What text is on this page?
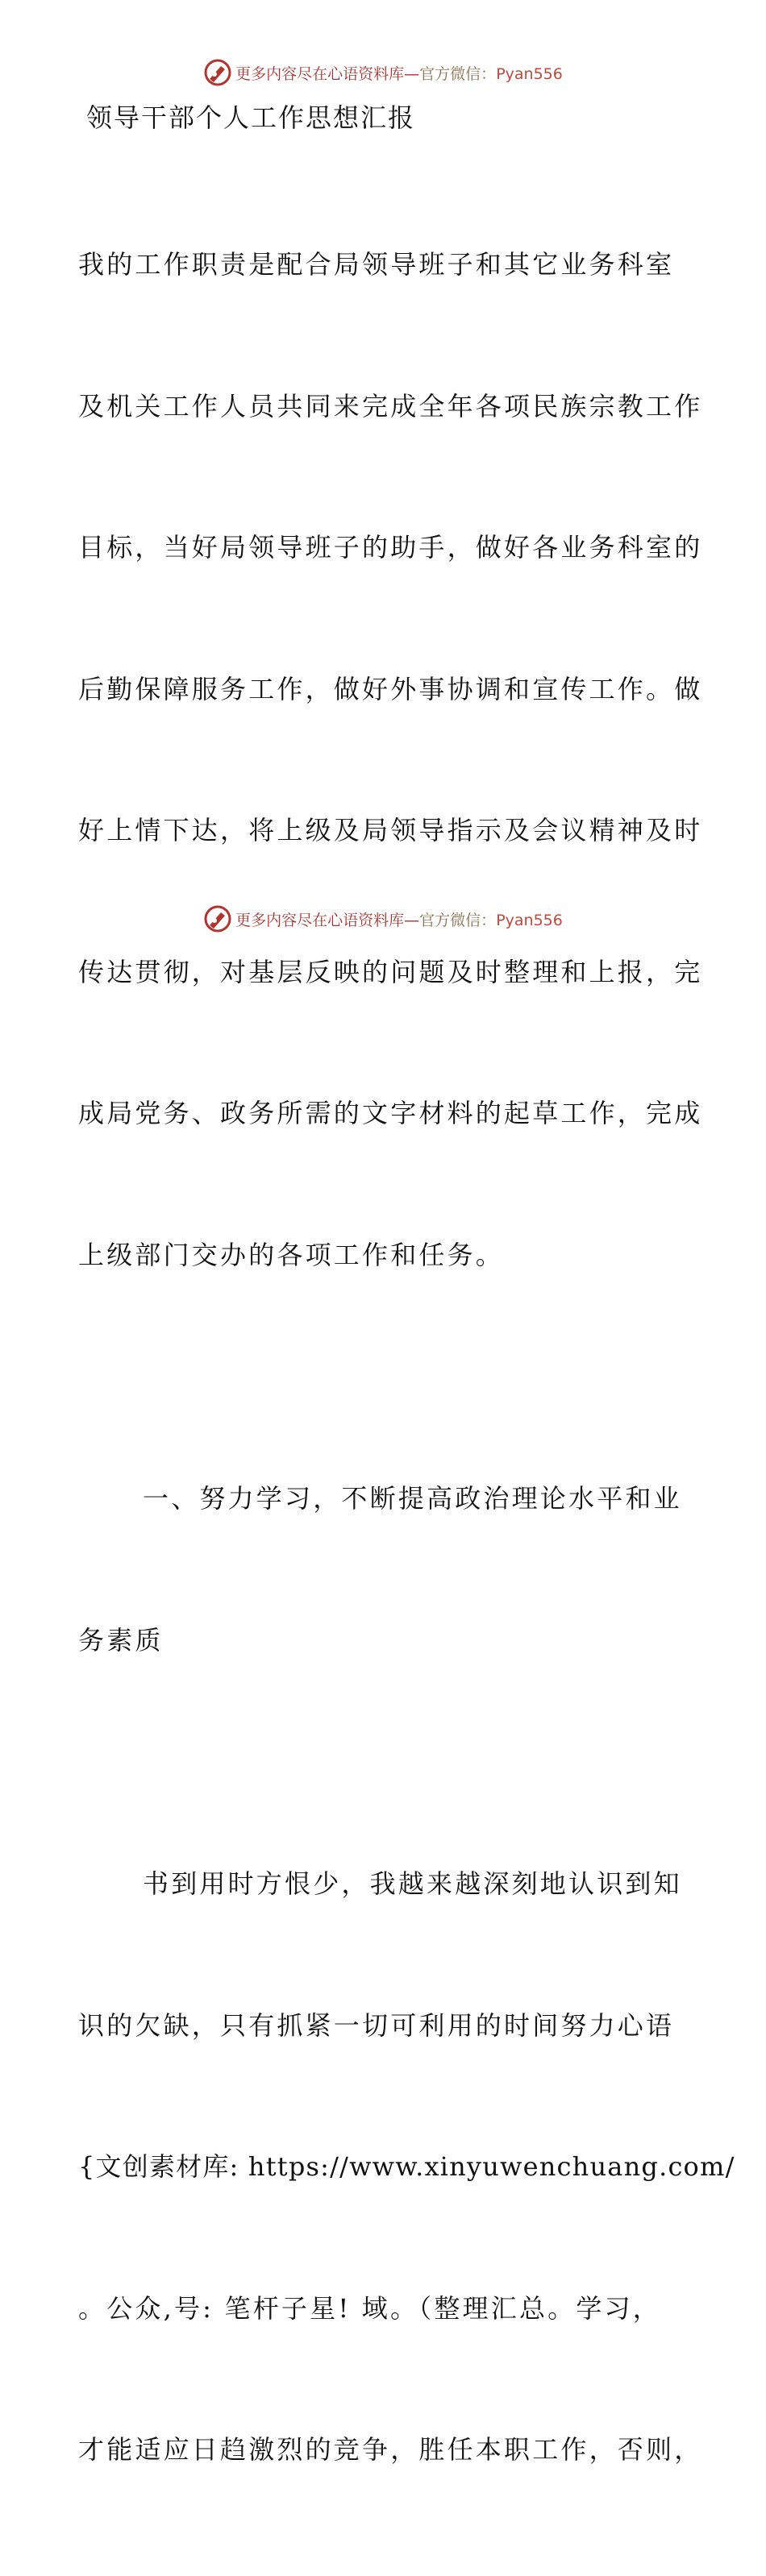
更多内容尽在心语资料库—官方微信：Pyan556
领导干部个人工作思想汇报

我的工作职责是配合局领导班子和其它业务科室

及机关工作人员共同来完成全年各项民族宗教工作

目标，当好局领导班子的助手，做好各业务科室的

后勤保障服务工作，做好外事协调和宣传工作。做

好上情下达，将上级及局领导指示及会议精神及时

传达贯彻，对基层反映的问题及时整理和上报，完

成局党务、政务所需的文字材料的起草工作，完成

上级部门交办的各项工作和任务。

一、努力学习，不断提高政治理论水平和业

务素质

书到用时方恨少，我越来越深刻地认识到知

识的欠缺，只有抓紧一切可利用的时间努力心语

{文创素材库: https://www.xinyuwenchuang.com/

。公众,号: 笔杆子星! 域。（整理汇总。学习，

才能适应日趋激烈的竞争，胜任本职工作，否则，

更多内容尽在心语资料库—官方微信：Pyan556
